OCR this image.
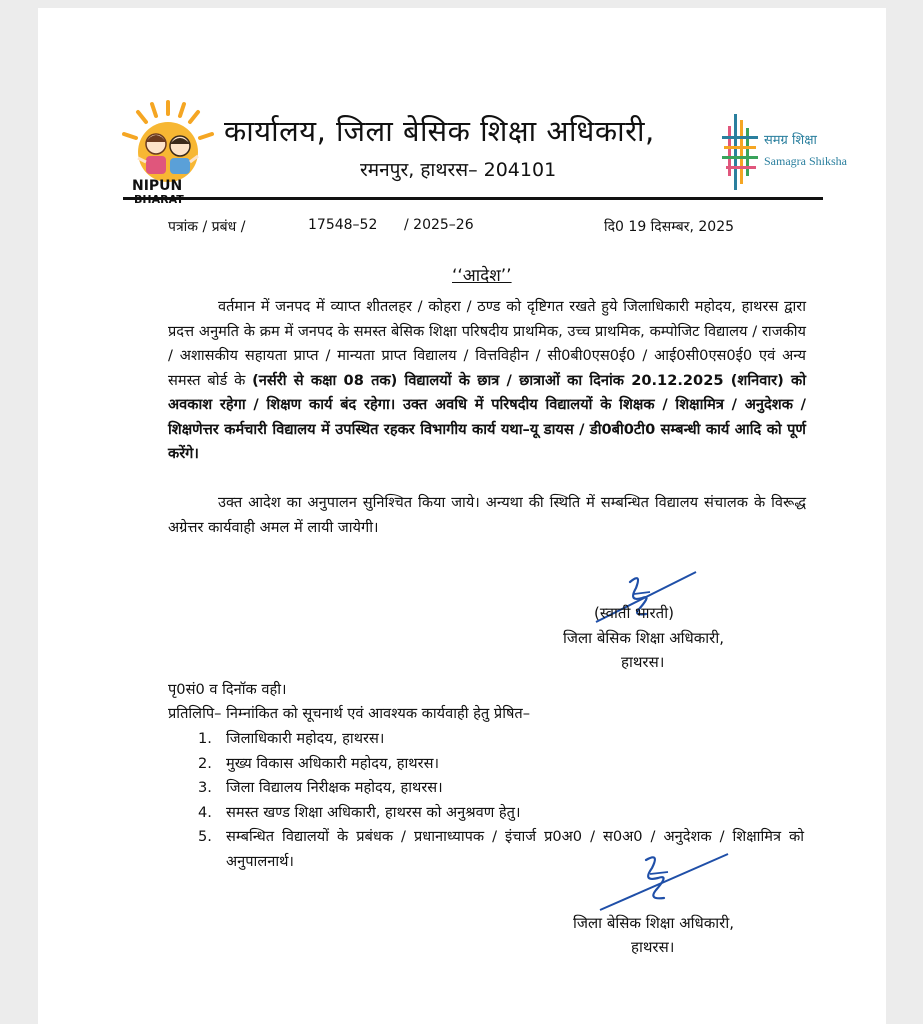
NIPUN
कार्यालय, जिला बेसिक शिक्षा अधिकारी,
रमनपुर, हाथरस– 204101
समग्र शिक्षा
Samagra Shiksha
पत्रांक / प्रबंध /	17548–52 / 2025–26	दि0 19 दिसम्बर, 2025
‘‘आदेश’’
वर्तमान में जनपद में व्याप्त शीतलहर / कोहरा / ठण्ड को दृष्टिगत रखते हुये जिलाधिकारी महोदय, हाथरस द्वारा प्रदत्त अनुमति के क्रम में जनपद के समस्त बेसिक शिक्षा परिषदीय प्राथमिक, उच्च प्राथमिक, कम्पोजिट विद्यालय / राजकीय / अशासकीय सहायता प्राप्त / मान्यता प्राप्त विद्यालय / वित्तविहीन / सी0बी0एस0ई0 / आई0सी0एस0ई0 एवं अन्य समस्त बोर्ड के (नर्सरी से कक्षा 08 तक) विद्यालयों के छात्र / छात्राओं का दिनांक 20.12.2025 (शनिवार) को अवकाश रहेगा / शिक्षण कार्य बंद रहेगा। उक्त अवधि में परिषदीय विद्यालयों के शिक्षक / शिक्षामित्र / अनुदेशक / शिक्षणेत्तर कर्मचारी विद्यालय में उपस्थित रहकर विभागीय कार्य यथा–यू डायस / डी0बी0टी0 सम्बन्धी कार्य आदि को पूर्ण करेंगे।
उक्त आदेश का अनुपालन सुनिश्चित किया जाये। अन्यथा की स्थिति में सम्बन्धित विद्यालय संचालक के विरूद्ध अग्रेत्तर कार्यवाही अमल में लायी जायेगी।
(स्वाती भारती)
जिला बेसिक शिक्षा अधिकारी,
हाथरस।
पृ0सं0 व दिनॉक वही।
प्रतिलिपि– निम्नांकित को सूचनार्थ एवं आवश्यक कार्यवाही हेतु प्रेषित–
1. जिलाधिकारी महोदय, हाथरस।
2. मुख्य विकास अधिकारी महोदय, हाथरस।
3. जिला विद्यालय निरीक्षक महोदय, हाथरस।
4. समस्त खण्ड शिक्षा अधिकारी, हाथरस को अनुश्रवण हेतु।
5. सम्बन्धित विद्यालयों के प्रबंधक / प्रधानाध्यापक / इंचार्ज प्र0अ0 / स0अ0 / अनुदेशक / शिक्षामित्र को अनुपालनार्थ।
जिला बेसिक शिक्षा अधिकारी,
हाथरस।
